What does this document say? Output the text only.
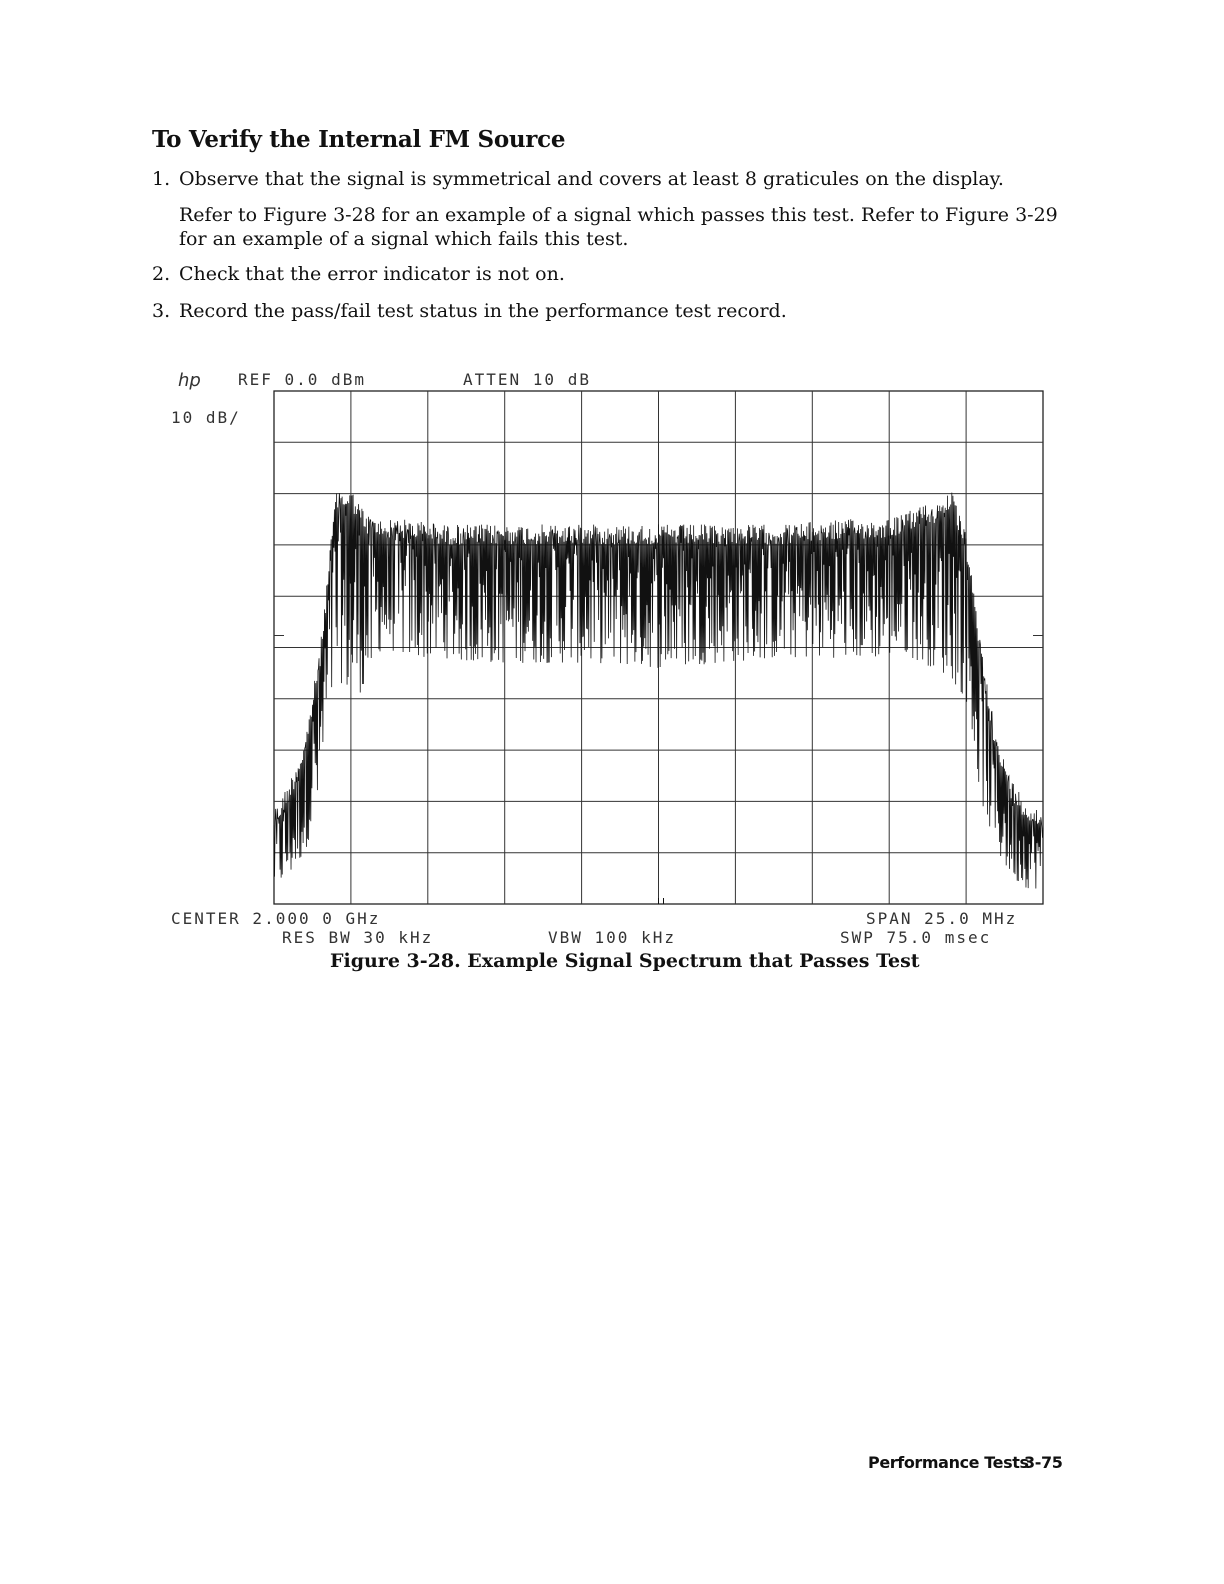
To Verify the Internal FM Source
1. Observe that the signal is symmetrical and covers at least 8 graticules on the display.
Refer to Figure 3-28 for an example of a signal which passes this test. Refer to Figure 3-29
for an example of a signal which fails this test.
2. Check that the error indicator is not on.
3. Record the pass/fail test status in the performance test record.
hp REF 0.0 dBm	ATTEN 10 dB
10 dB/
CENTER 2.000 0 GHz	SPAN 25.0 MHz
RES BW 30 kHz	VBW 100 kHz	SWP 75.0 msec
Figure 3-28. Example Signal Spectrum that Passes Test
Performance Tests
3-75
